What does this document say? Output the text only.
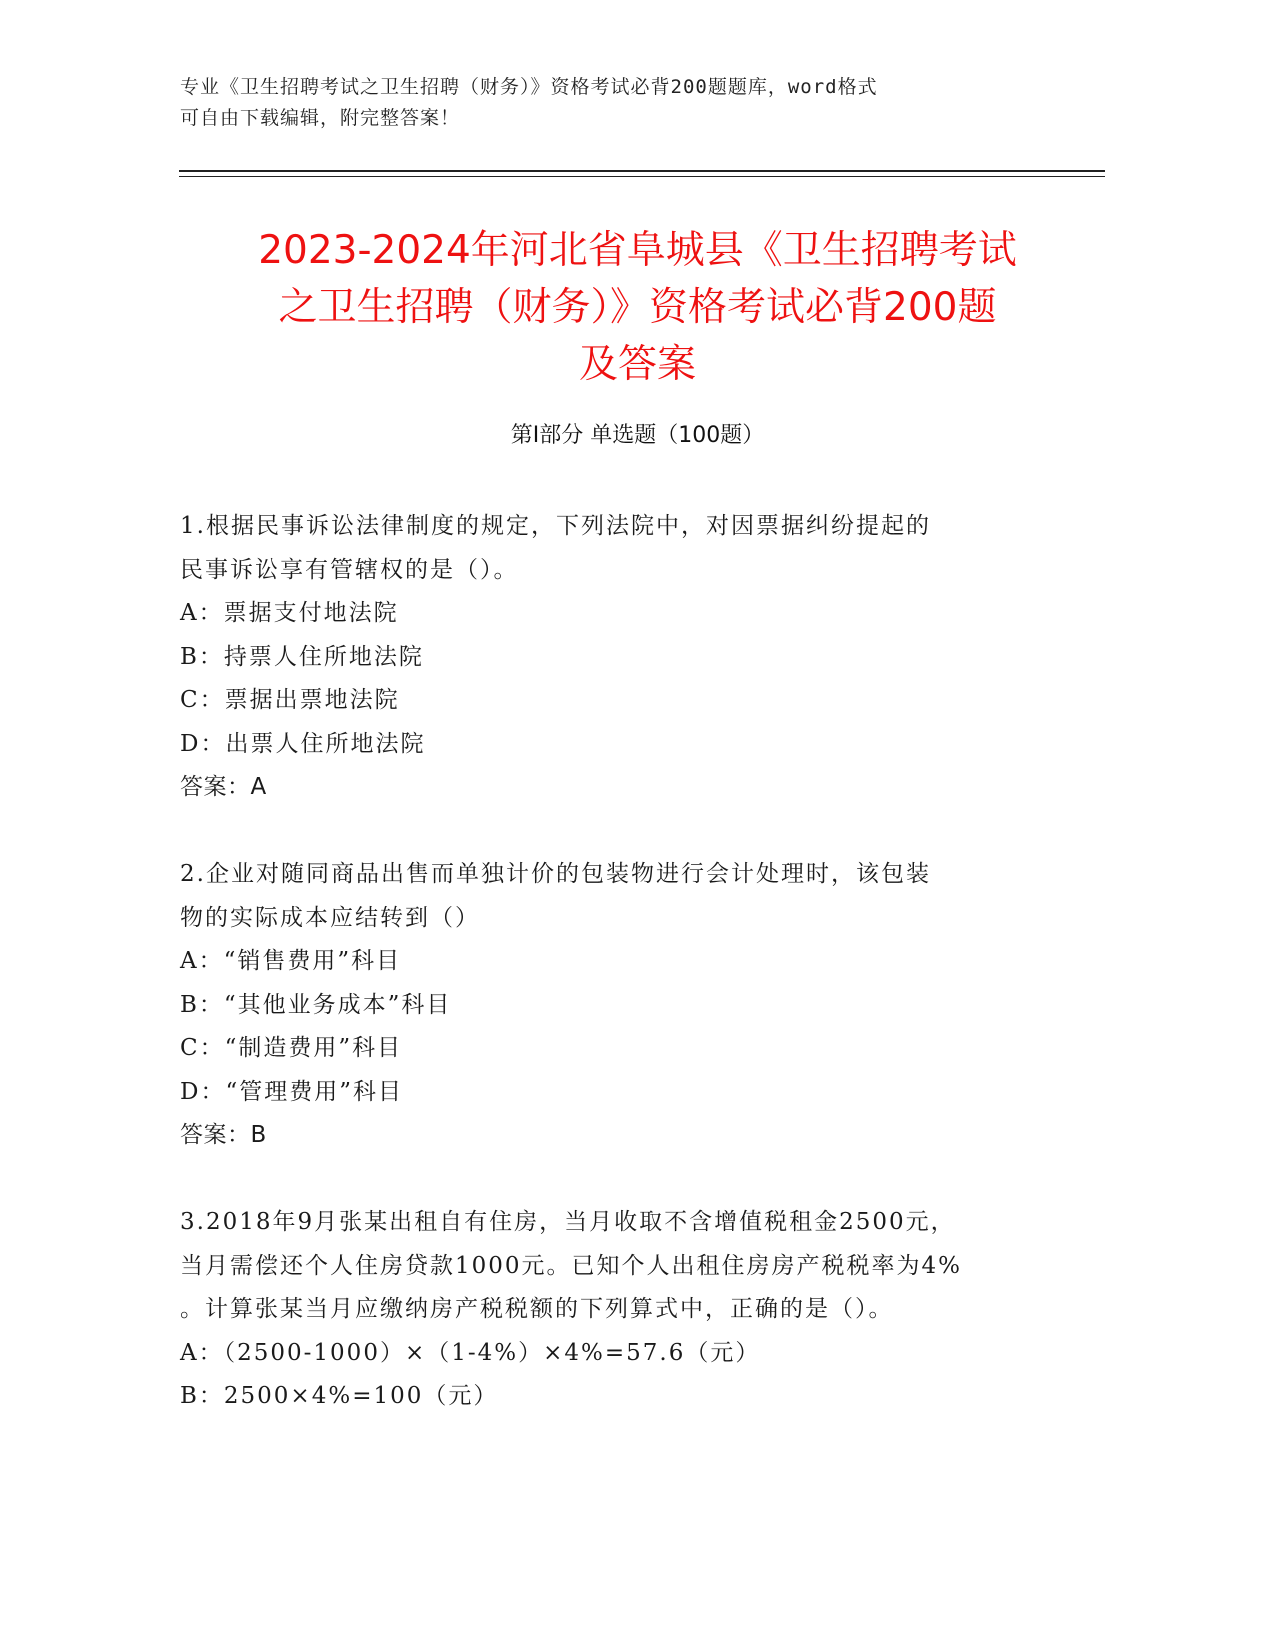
专业《卫生招聘考试之卫生招聘（财务）》资格考试必背200题题库，word格式
可自由下载编辑，附完整答案！
2023-2024年河北省阜城县《卫生招聘考试
之卫生招聘（财务）》资格考试必背200题
及答案
第Ⅰ部分 单选题（100题）
1.根据民事诉讼法律制度的规定，下列法院中，对因票据纠纷提起的
民事诉讼享有管辖权的是（）。
A：票据支付地法院
B：持票人住所地法院
C：票据出票地法院
D：出票人住所地法院
答案：A
2.企业对随同商品出售而单独计价的包装物进行会计处理时，该包装
物的实际成本应结转到（）
A：“销售费用”科目
B：“其他业务成本”科目
C：“制造费用”科目
D：“管理费用”科目
答案：B
3.2018年9月张某出租自有住房，当月收取不含增值税租金2500元，
当月需偿还个人住房贷款1000元。已知个人出租住房房产税税率为4%
。计算张某当月应缴纳房产税税额的下列算式中，正确的是（）。
A：（2500-1000）×（1-4%）×4%=57.6（元）
B：2500×4%=100（元）
